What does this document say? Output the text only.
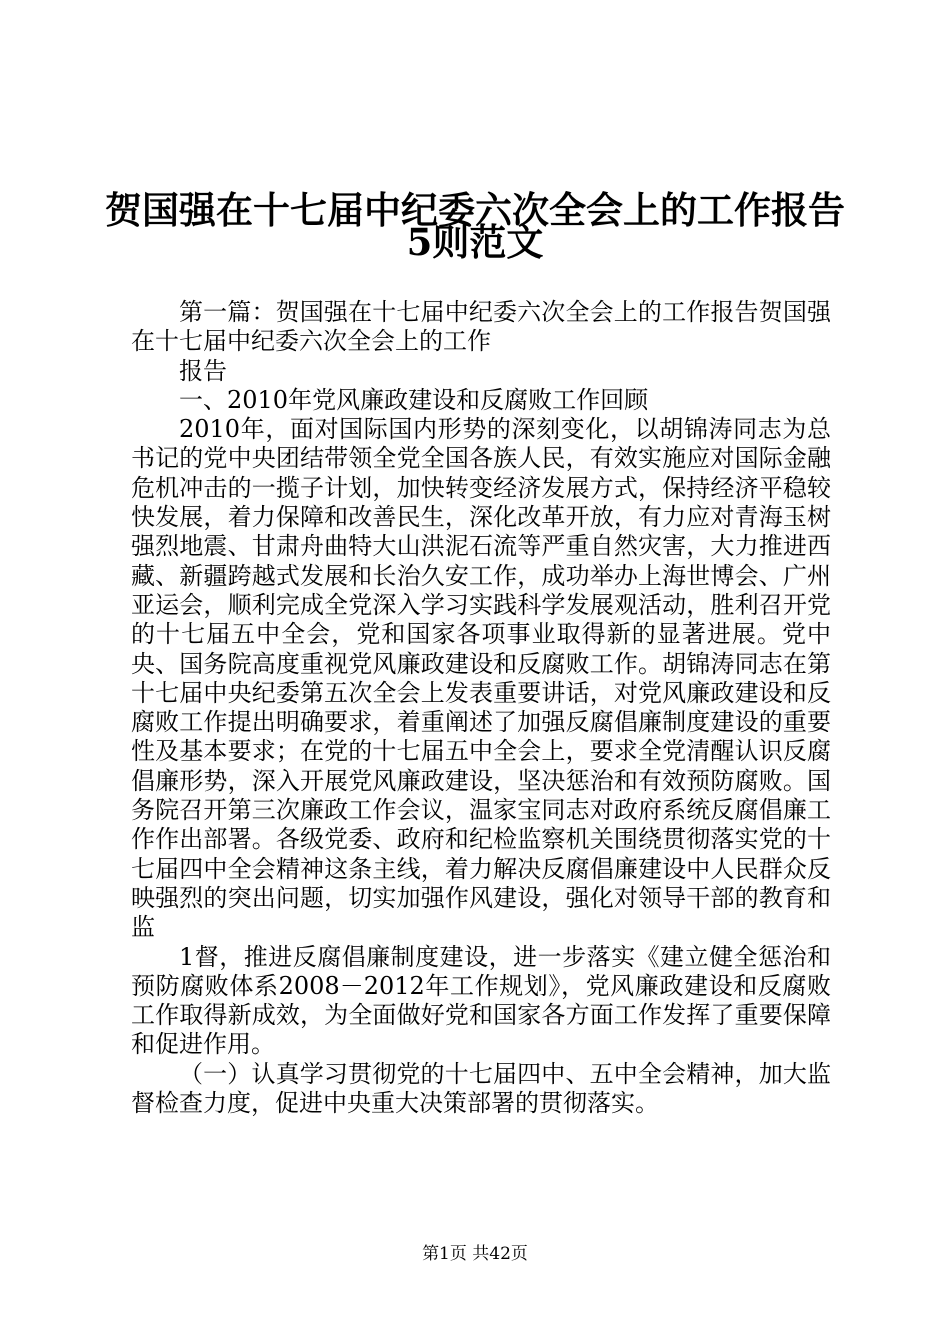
贺国强在十七届中纪委六次全会上的工作报告
5则范文

第一篇：贺国强在十七届中纪委六次全会上的工作报告贺国强在十七届中纪委六次全会上的工作

报告

一、2010年党风廉政建设和反腐败工作回顾

2010年，面对国际国内形势的深刻变化，以胡锦涛同志为总书记的党中央团结带领全党全国各族人民，有效实施应对国际金融危机冲击的一揽子计划，加快转变经济发展方式，保持经济平稳较快发展，着力保障和改善民生，深化改革开放，有力应对青海玉树强烈地震、甘肃舟曲特大山洪泥石流等严重自然灾害，大力推进西藏、新疆跨越式发展和长治久安工作，成功举办上海世博会、广州亚运会，顺利完成全党深入学习实践科学发展观活动，胜利召开党的十七届五中全会，党和国家各项事业取得新的显著进展。党中央、国务院高度重视党风廉政建设和反腐败工作。胡锦涛同志在第十七届中央纪委第五次全会上发表重要讲话，对党风廉政建设和反腐败工作提出明确要求，着重阐述了加强反腐倡廉制度建设的重要性及基本要求；在党的十七届五中全会上，要求全党清醒认识反腐倡廉形势，深入开展党风廉政建设，坚决惩治和有效预防腐败。国务院召开第三次廉政工作会议，温家宝同志对政府系统反腐倡廉工作作出部署。各级党委、政府和纪检监察机关围绕贯彻落实党的十七届四中全会精神这条主线，着力解决反腐倡廉建设中人民群众反映强烈的突出问题，切实加强作风建设，强化对领导干部的教育和监

1督，推进反腐倡廉制度建设，进一步落实《建立健全惩治和预防腐败体系2008－2012年工作规划》，党风廉政建设和反腐败工作取得新成效，为全面做好党和国家各方面工作发挥了重要保障和促进作用。

（一）认真学习贯彻党的十七届四中、五中全会精神，加大监督检查力度，促进中央重大决策部署的贯彻落实。

第1页 共42页
